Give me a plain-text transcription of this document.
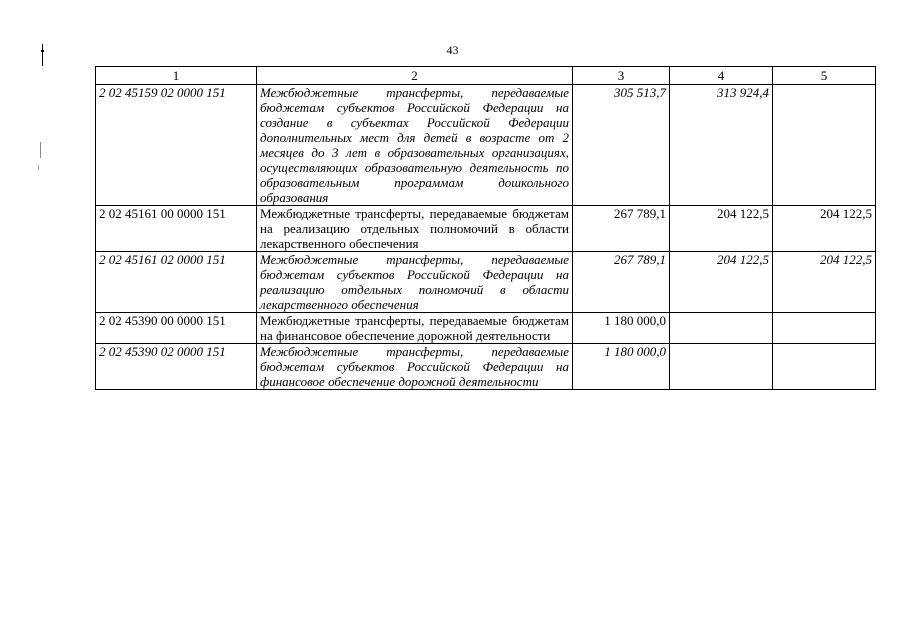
43
1	2	3	4	5
2 02 45159 02 0000 151	Межбюджетные трансферты, передаваемые бюджетам субъектов Российской Федерации на создание в субъектах Российской Федерации дополнительных мест для детей в возрасте от 2 месяцев до 3 лет в образовательных организациях, осуществляющих образовательную деятельность по образовательным программам дошкольного образования	305 513,7	313 924,4	
2 02 45161 00 0000 151	Межбюджетные трансферты, передаваемые бюджетам на реализацию отдельных полномочий в области лекарственного обеспечения	267 789,1	204 122,5	204 122,5
2 02 45161 02 0000 151	Межбюджетные трансферты, передаваемые бюджетам субъектов Российской Федерации на реализацию отдельных полномочий в области лекарственного обеспечения	267 789,1	204 122,5	204 122,5
2 02 45390 00 0000 151	Межбюджетные трансферты, передаваемые бюджетам на финансовое обеспечение дорожной деятельности	1 180 000,0		
2 02 45390 02 0000 151	Межбюджетные трансферты, передаваемые бюджетам субъектов Российской Федерации на финансовое обеспечение дорожной деятельности	1 180 000,0		
